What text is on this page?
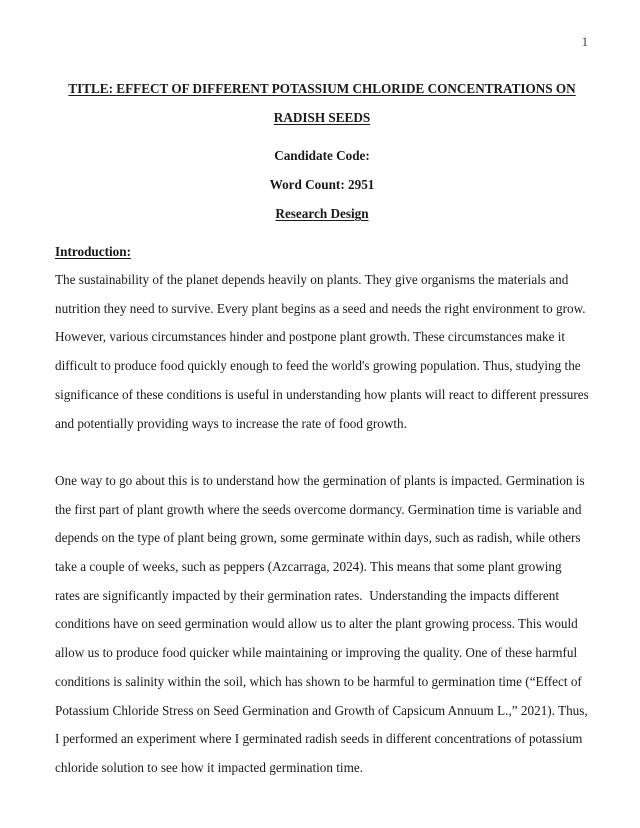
1
TITLE: EFFECT OF DIFFERENT POTASSIUM CHLORIDE CONCENTRATIONS ON
RADISH SEEDS
Candidate Code:
Word Count: 2951
Research Design
Introduction:

The sustainability of the planet depends heavily on plants. They give organisms the materials and nutrition they need to survive. Every plant begins as a seed and needs the right environment to grow. However, various circumstances hinder and postpone plant growth. These circumstances make it difficult to produce food quickly enough to feed the world's growing population. Thus, studying the significance of these conditions is useful in understanding how plants will react to different pressures and potentially providing ways to increase the rate of food growth.

One way to go about this is to understand how the germination of plants is impacted. Germination is the first part of plant growth where the seeds overcome dormancy. Germination time is variable and depends on the type of plant being grown, some germinate within days, such as radish, while others take a couple of weeks, such as peppers (Azcarraga, 2024). This means that some plant growing rates are significantly impacted by their germination rates.  Understanding the impacts different conditions have on seed germination would allow us to alter the plant growing process. This would allow us to produce food quicker while maintaining or improving the quality. One of these harmful conditions is salinity within the soil, which has shown to be harmful to germination time (“Effect of Potassium Chloride Stress on Seed Germination and Growth of Capsicum Annuum L.,” 2021). Thus, I performed an experiment where I germinated radish seeds in different concentrations of potassium chloride solution to see how it impacted germination time.
